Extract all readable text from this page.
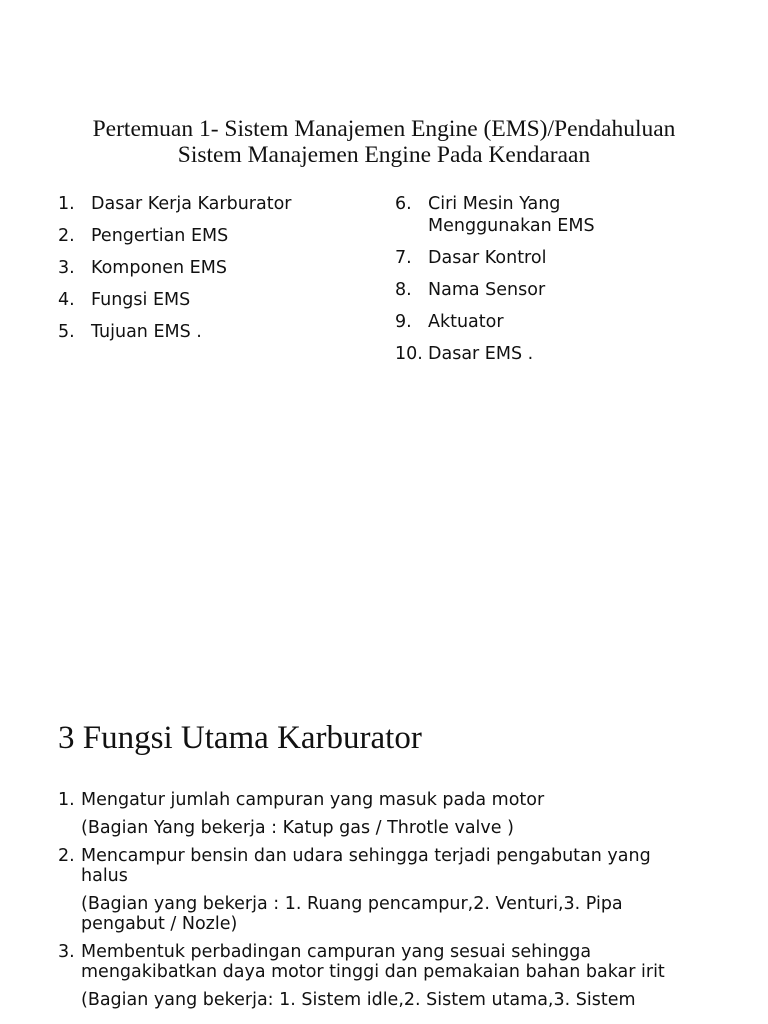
Pertemuan 1- Sistem Manajemen Engine (EMS)/Pendahuluan
Sistem Manajemen Engine Pada Kendaraan
1. Dasar Kerja Karburator
2. Pengertian EMS
3. Komponen EMS
4. Fungsi EMS
5. Tujuan EMS .
6. Ciri Mesin Yang Menggunakan EMS
7. Dasar Kontrol
8. Nama Sensor
9. Aktuator
10. Dasar EMS .
3 Fungsi Utama Karburator
1. Mengatur jumlah campuran yang masuk pada motor
(Bagian Yang bekerja : Katup gas / Throtle valve )
2. Mencampur bensin dan udara sehingga terjadi pengabutan yang halus
(Bagian yang bekerja : 1. Ruang pencampur,2. Venturi,3. Pipa pengabut / Nozle)
3. Membentuk perbadingan campuran yang sesuai sehingga mengakibatkan daya motor tinggi dan pemakaian bahan bakar irit
(Bagian yang bekerja: 1. Sistem idle,2. Sistem utama,3. Sistem
